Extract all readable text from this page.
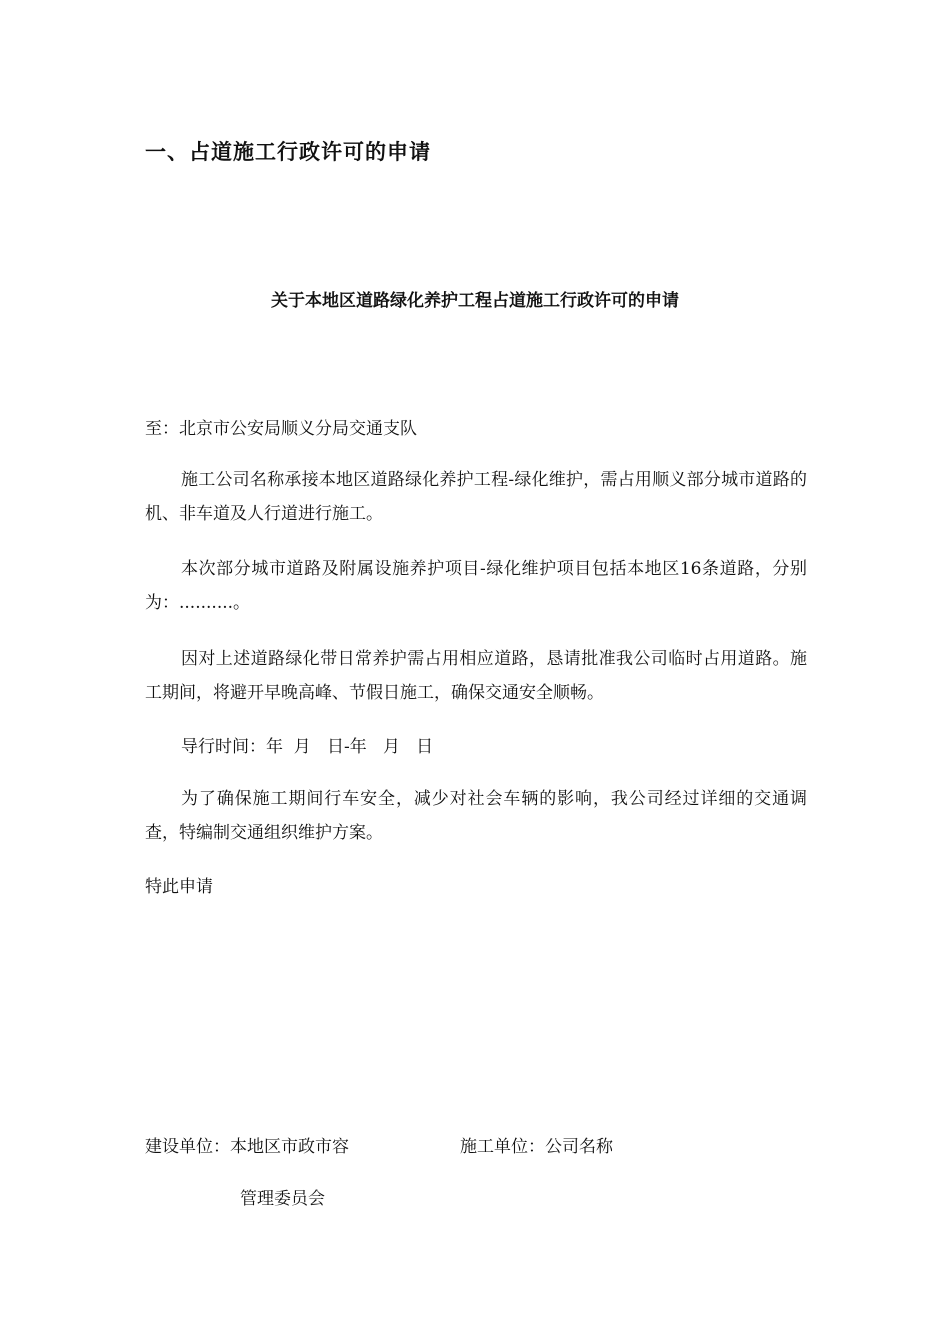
一、占道施工行政许可的申请
关于本地区道路绿化养护工程占道施工行政许可的申请

至：北京市公安局顺义分局交通支队

施工公司名称承接本地区道路绿化养护工程-绿化维护，需占用顺义部分城市道路的机、非车道及人行道进行施工。

本次部分城市道路及附属设施养护项目-绿化维护项目包括本地区16条道路，分别为：..........。

因对上述道路绿化带日常养护需占用相应道路，恳请批准我公司临时占用道路。施工期间，将避开早晚高峰、节假日施工，确保交通安全顺畅。

导行时间：年  月   日-年   月   日

为了确保施工期间行车安全，减少对社会车辆的影响，我公司经过详细的交通调查，特编制交通组织维护方案。

特此申请

建设单位：本地区市政市容	施工单位：公司名称
管理委员会
